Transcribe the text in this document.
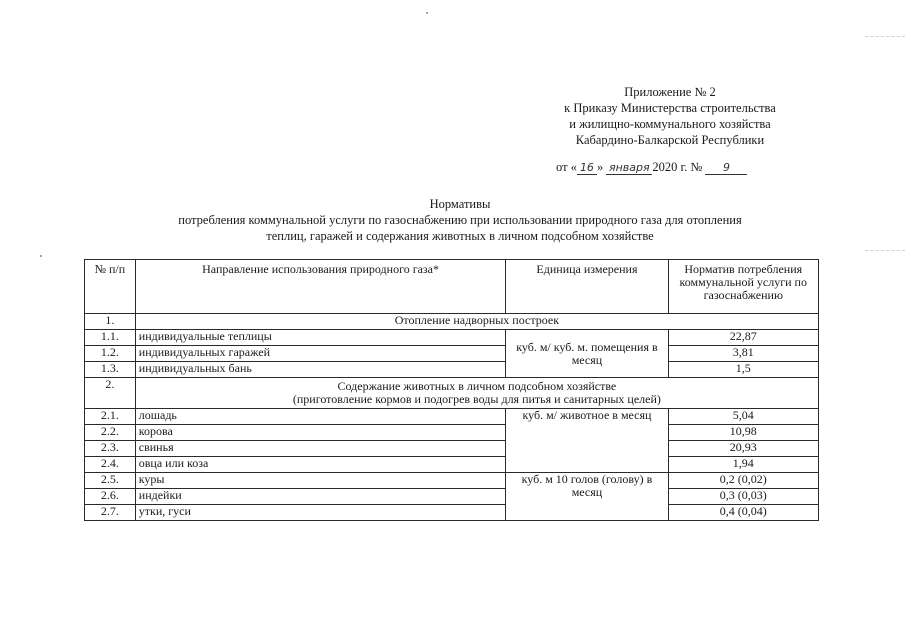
Приложение № 2
к Приказу Министерства строительства
и жилищно-коммунального хозяйства
Кабардино-Балкарской Республики
от « 16 » января 2020 г. № 9
Нормативы
потребления коммунальной услуги по газоснабжению при использовании природного газа для отопления
теплиц, гаражей и содержания животных в личном подсобном хозяйстве
№ п/п	Направление использования природного газа*	Единица измерения	Норматив потребления коммунальной услуги по газоснабжению
1.	Отопление надворных построек		
1.1.	индивидуальные теплицы	куб. м/ куб. м. помещения в месяц	22,87
1.2.	индивидуальных гаражей		3,81
1.3.	индивидуальных бань		1,5
2.	Содержание животных в личном подсобном хозяйстве
(приготовление кормов и подогрев воды для питья и санитарных целей)		

2.1.	лошадь	куб. м/ животное в месяц	5,04
2.2.	корова		10,98
2.3.	свинья		20,93
2.4.	овца или коза		1,94
2.5.	куры	куб. м 10 голов (голову) в месяц	0,2 (0,02)
2.6.	индейки		0,3 (0,03)
2.7.	утки, гуси		0,4 (0,04)
